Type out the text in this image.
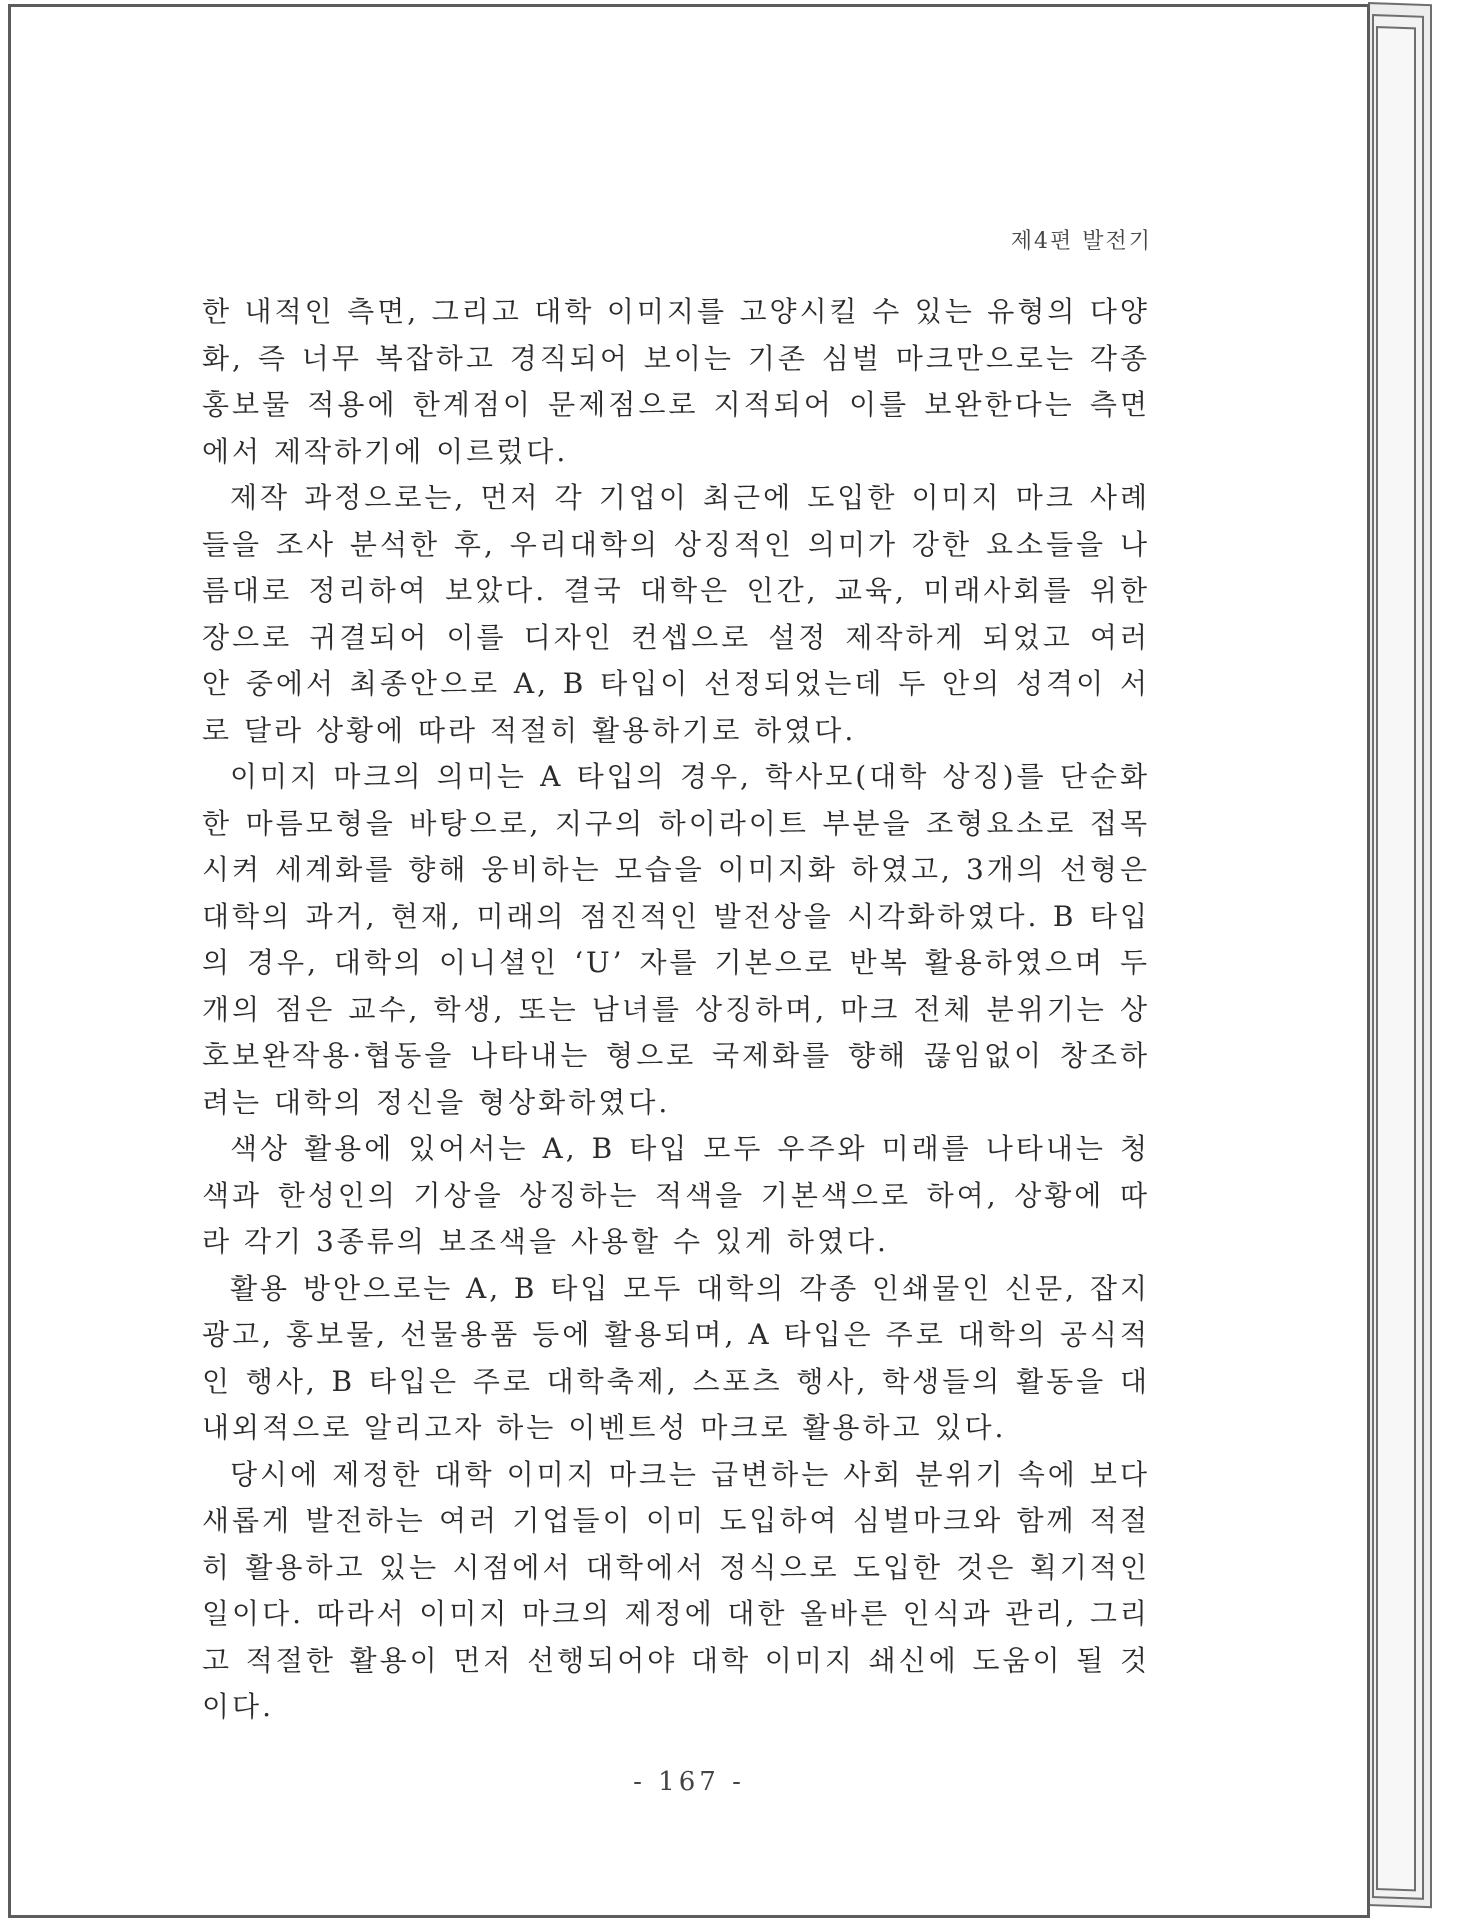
제4편 발전기

한 내적인 측면, 그리고 대학 이미지를 고양시킬 수 있는 유형의 다양화, 즉 너무 복잡하고 경직되어 보이는 기존 심벌 마크만으로는 각종 홍보물 적용에 한계점이 문제점으로 지적되어 이를 보완한다는 측면에서 제작하기에 이르렀다.

제작 과정으로는, 먼저 각 기업이 최근에 도입한 이미지 마크 사례들을 조사 분석한 후, 우리대학의 상징적인 의미가 강한 요소들을 나름대로 정리하여 보았다. 결국 대학은 인간, 교육, 미래사회를 위한 장으로 귀결되어 이를 디자인 컨셉으로 설정 제작하게 되었고 여러 안 중에서 최종안으로 A, B 타입이 선정되었는데 두 안의 성격이 서로 달라 상황에 따라 적절히 활용하기로 하였다.

이미지 마크의 의미는 A 타입의 경우, 학사모(대학 상징)를 단순화한 마름모형을 바탕으로, 지구의 하이라이트 부분을 조형요소로 접목시켜 세계화를 향해 웅비하는 모습을 이미지화 하였고, 3개의 선형은 대학의 과거, 현재, 미래의 점진적인 발전상을 시각화하였다. B 타입의 경우, 대학의 이니셜인 ‘U’ 자를 기본으로 반복 활용하였으며 두 개의 점은 교수, 학생, 또는 남녀를 상징하며, 마크 전체 분위기는 상호보완작용·협동을 나타내는 형으로 국제화를 향해 끊임없이 창조하려는 대학의 정신을 형상화하였다.

색상 활용에 있어서는 A, B 타입 모두 우주와 미래를 나타내는 청색과 한성인의 기상을 상징하는 적색을 기본색으로 하여, 상황에 따라 각기 3종류의 보조색을 사용할 수 있게 하였다.

활용 방안으로는 A, B 타입 모두 대학의 각종 인쇄물인 신문, 잡지광고, 홍보물, 선물용품 등에 활용되며, A 타입은 주로 대학의 공식적인 행사, B 타입은 주로 대학축제, 스포츠 행사, 학생들의 활동을 대내외적으로 알리고자 하는 이벤트성 마크로 활용하고 있다.

당시에 제정한 대학 이미지 마크는 급변하는 사회 분위기 속에 보다 새롭게 발전하는 여러 기업들이 이미 도입하여 심벌마크와 함께 적절히 활용하고 있는 시점에서 대학에서 정식으로 도입한 것은 획기적인 일이다. 따라서 이미지 마크의 제정에 대한 올바른 인식과 관리, 그리고 적절한 활용이 먼저 선행되어야 대학 이미지 쇄신에 도움이 될 것이다.

- 167 -
